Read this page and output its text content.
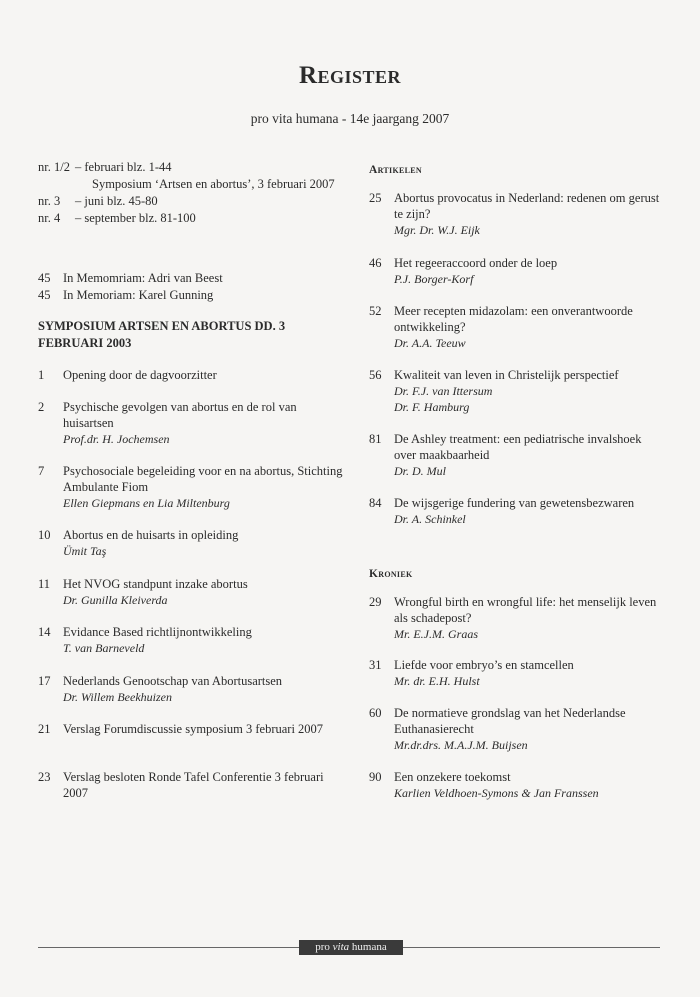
Register
pro vita humana - 14e jaargang 2007
nr. 1/2 – februari blz. 1-44
Symposium ‘Artsen en abortus’, 3 februari 2007
nr. 3	– juni blz. 45-80
nr. 4	– september blz. 81-100
45	In Memomriam: Adri van Beest
45	In Memoriam: Karel Gunning
SYMPOSIUM ARTSEN EN ABORTUS DD. 3 FEBRUARI 2003
1	Opening door de dagvoorzitter
2	Psychische gevolgen van abortus en de rol van huisartsen
Prof.dr. H. Jochemsen
7	Psychosociale begeleiding voor en na abortus, Stichting Ambulante Fiom
Ellen Giepmans en Lia Miltenburg
10	Abortus en de huisarts in opleiding
Ümit Taş
11	Het NVOG standpunt inzake abortus
Dr. Gunilla Kleiverda
14	Evidance Based richtlijnontwikkeling
T. van Barneveld
17	Nederlands Genootschap van Abortusartsen
Dr. Willem Beekhuizen
21	Verslag Forumdiscussie symposium 3 februari 2007
23	Verslag besloten Ronde Tafel Conferentie 3 februari 2007
Artikelen
25	Abortus provocatus in Nederland: redenen om gerust te zijn?
Mgr. Dr. W.J. Eijk
46	Het regeeraccoord onder de loep
P.J. Borger-Korf
52	Meer recepten midazolam: een onverantwoorde ontwikkeling?
Dr. A.A. Teeuw
56	Kwaliteit van leven in Christelijk perspectief
Dr. F.J. van Ittersum
Dr. F. Hamburg
81	De Ashley treatment: een pediatrische invalshoek over maakbaarheid
Dr. D. Mul
84	De wijsgerige fundering van gewetensbezwaren
Dr. A. Schinkel
Kroniek
29	Wrongful birth en wrongful life: het menselijk leven als schadepost?
Mr. E.J.M. Graas
31	Liefde voor embryo’s en stamcellen
Mr. dr. E.H. Hulst
60	De normatieve grondslag van het Nederlandse Euthanasierecht
Mr.dr.drs. M.A.J.M. Buijsen
90	Een onzekere toekomst
Karlien Veldhoen-Symons & Jan Franssen
pro vita humana
